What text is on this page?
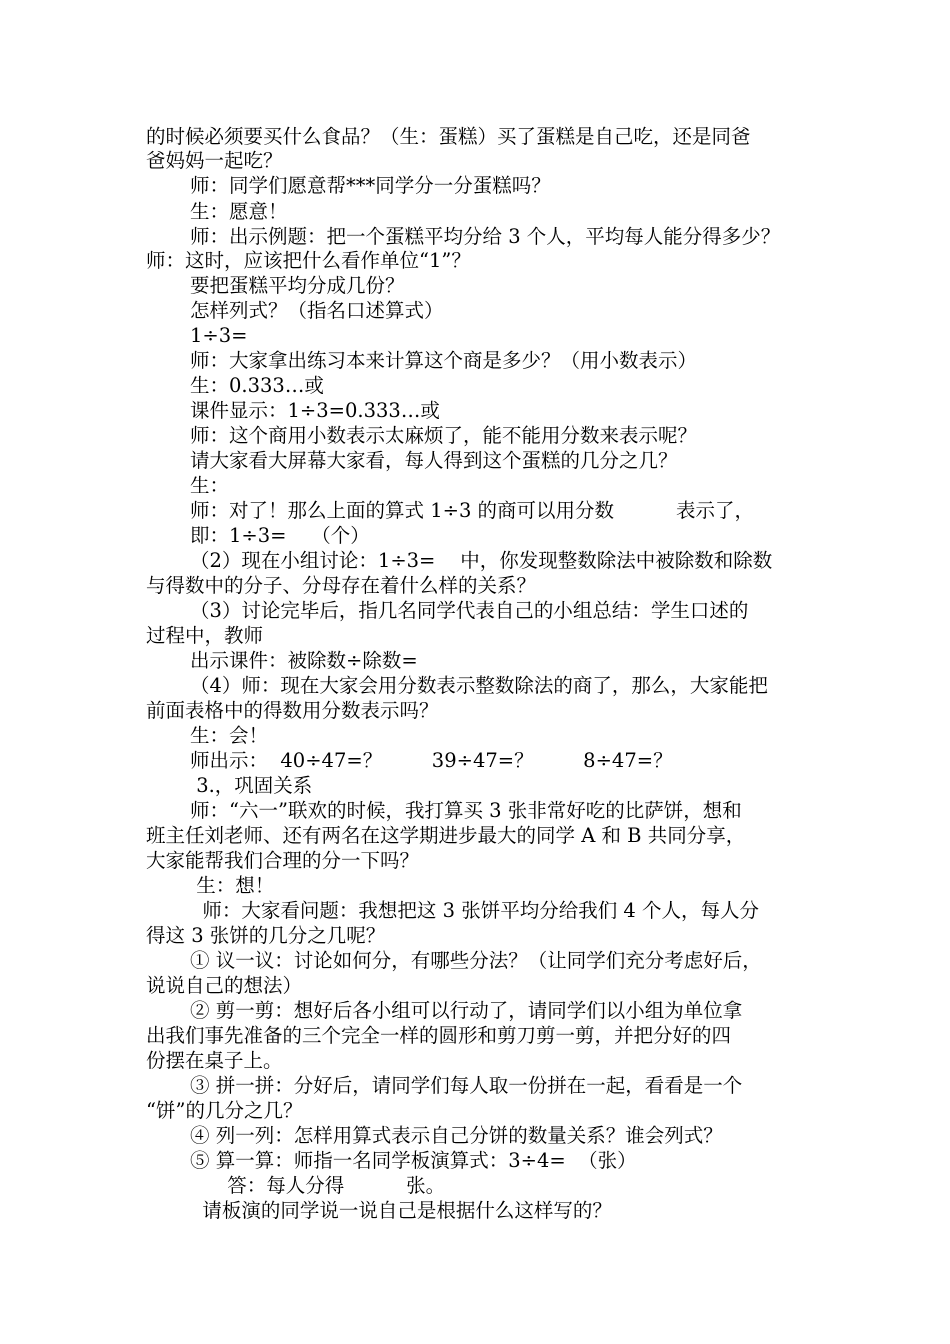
的时候必须要买什么食品？（生：蛋糕）买了蛋糕是自己吃，还是同爸
爸妈妈一起吃？
师：同学们愿意帮***同学分一分蛋糕吗？
生：愿意！
师：出示例题：把一个蛋糕平均分给 3 个人，平均每人能分得多少？
师：这时，应该把什么看作单位“1”？
要把蛋糕平均分成几份？
怎样列式？（指名口述算式）
1÷3=
师：大家拿出练习本来计算这个商是多少？（用小数表示）
生：0.333…或
课件显示：1÷3=0.333…或
师：这个商用小数表示太麻烦了，能不能用分数来表示呢？
请大家看大屏幕大家看，每人得到这个蛋糕的几分之几？
生：
师：对了！那么上面的算式 1÷3 的商可以用分数          表示了，
即：1÷3=    （个）
（2）现在小组讨论：1÷3=    中，你发现整数除法中被除数和除数
与得数中的分子、分母存在着什么样的关系？
（3）讨论完毕后，指几名同学代表自己的小组总结：学生口述的
过程中，教师
出示课件：被除数÷除数=
（4）师：现在大家会用分数表示整数除法的商了，那么，大家能把
前面表格中的得数用分数表示吗？
生：会！
师出示：  40÷47=？        39÷47=？        8÷47=？
3.，巩固关系
师：“六一”联欢的时候，我打算买 3 张非常好吃的比萨饼，想和
班主任刘老师、还有两名在这学期进步最大的同学 A 和 B 共同分享，
大家能帮我们合理的分一下吗？
生：想！
师：大家看问题：我想把这 3 张饼平均分给我们 4 个人，每人分
得这 3 张饼的几分之几呢？
① 议一议：讨论如何分，有哪些分法？（让同学们充分考虑好后，
说说自己的想法）
② 剪一剪：想好后各小组可以行动了，请同学们以小组为单位拿
出我们事先准备的三个完全一样的圆形和剪刀剪一剪，并把分好的四
份摆在桌子上。
③ 拼一拼：分好后，请同学们每人取一份拼在一起，看看是一个
“饼”的几分之几？
④ 列一列：怎样用算式表示自己分饼的数量关系？谁会列式？
⑤ 算一算：师指一名同学板演算式：3÷4=  （张）
答：每人分得          张。
请板演的同学说一说自己是根据什么这样写的？
